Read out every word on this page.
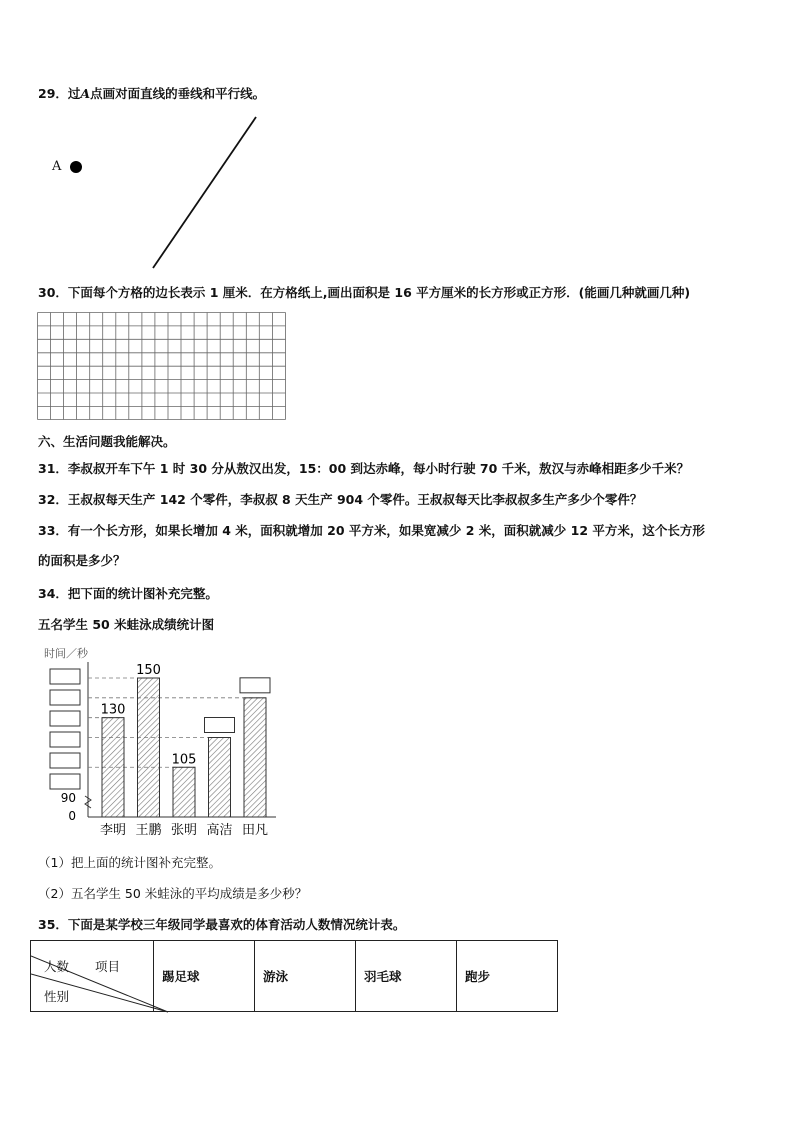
29．过A点画对面直线的垂线和平行线。
A
30．下面每个方格的边长表示 1 厘米．在方格纸上,画出面积是 16 平方厘米的长方形或正方形．(能画几种就画几种)
六、生活问题我能解决。
31．李叔叔开车下午 1 时 30 分从敖汉出发，15：00 到达赤峰，每小时行驶 70 千米，敖汉与赤峰相距多少千米？
32．王叔叔每天生产 142 个零件，李叔叔 8 天生产 904 个零件。王叔叔每天比李叔叔多生产多少个零件？
33．有一个长方形，如果长增加 4 米，面积就增加 20 平方米，如果宽减少 2 米，面积就减少 12 平方米，这个长方形
的面积是多少？
34．把下面的统计图补充完整。
五名学生 50 米蛙泳成绩统计图
时间／秒
130
150
105
90
0
李明 王鹏 张明 高洁 田凡
（1）把上面的统计图补充完整。
（2）五名学生 50 米蛙泳的平均成绩是多少秒？
35．下面是某学校三年级同学最喜欢的体育活动人数情况统计表。
人数 项目
性别
	踢足球	游泳	羽毛球	跑步
